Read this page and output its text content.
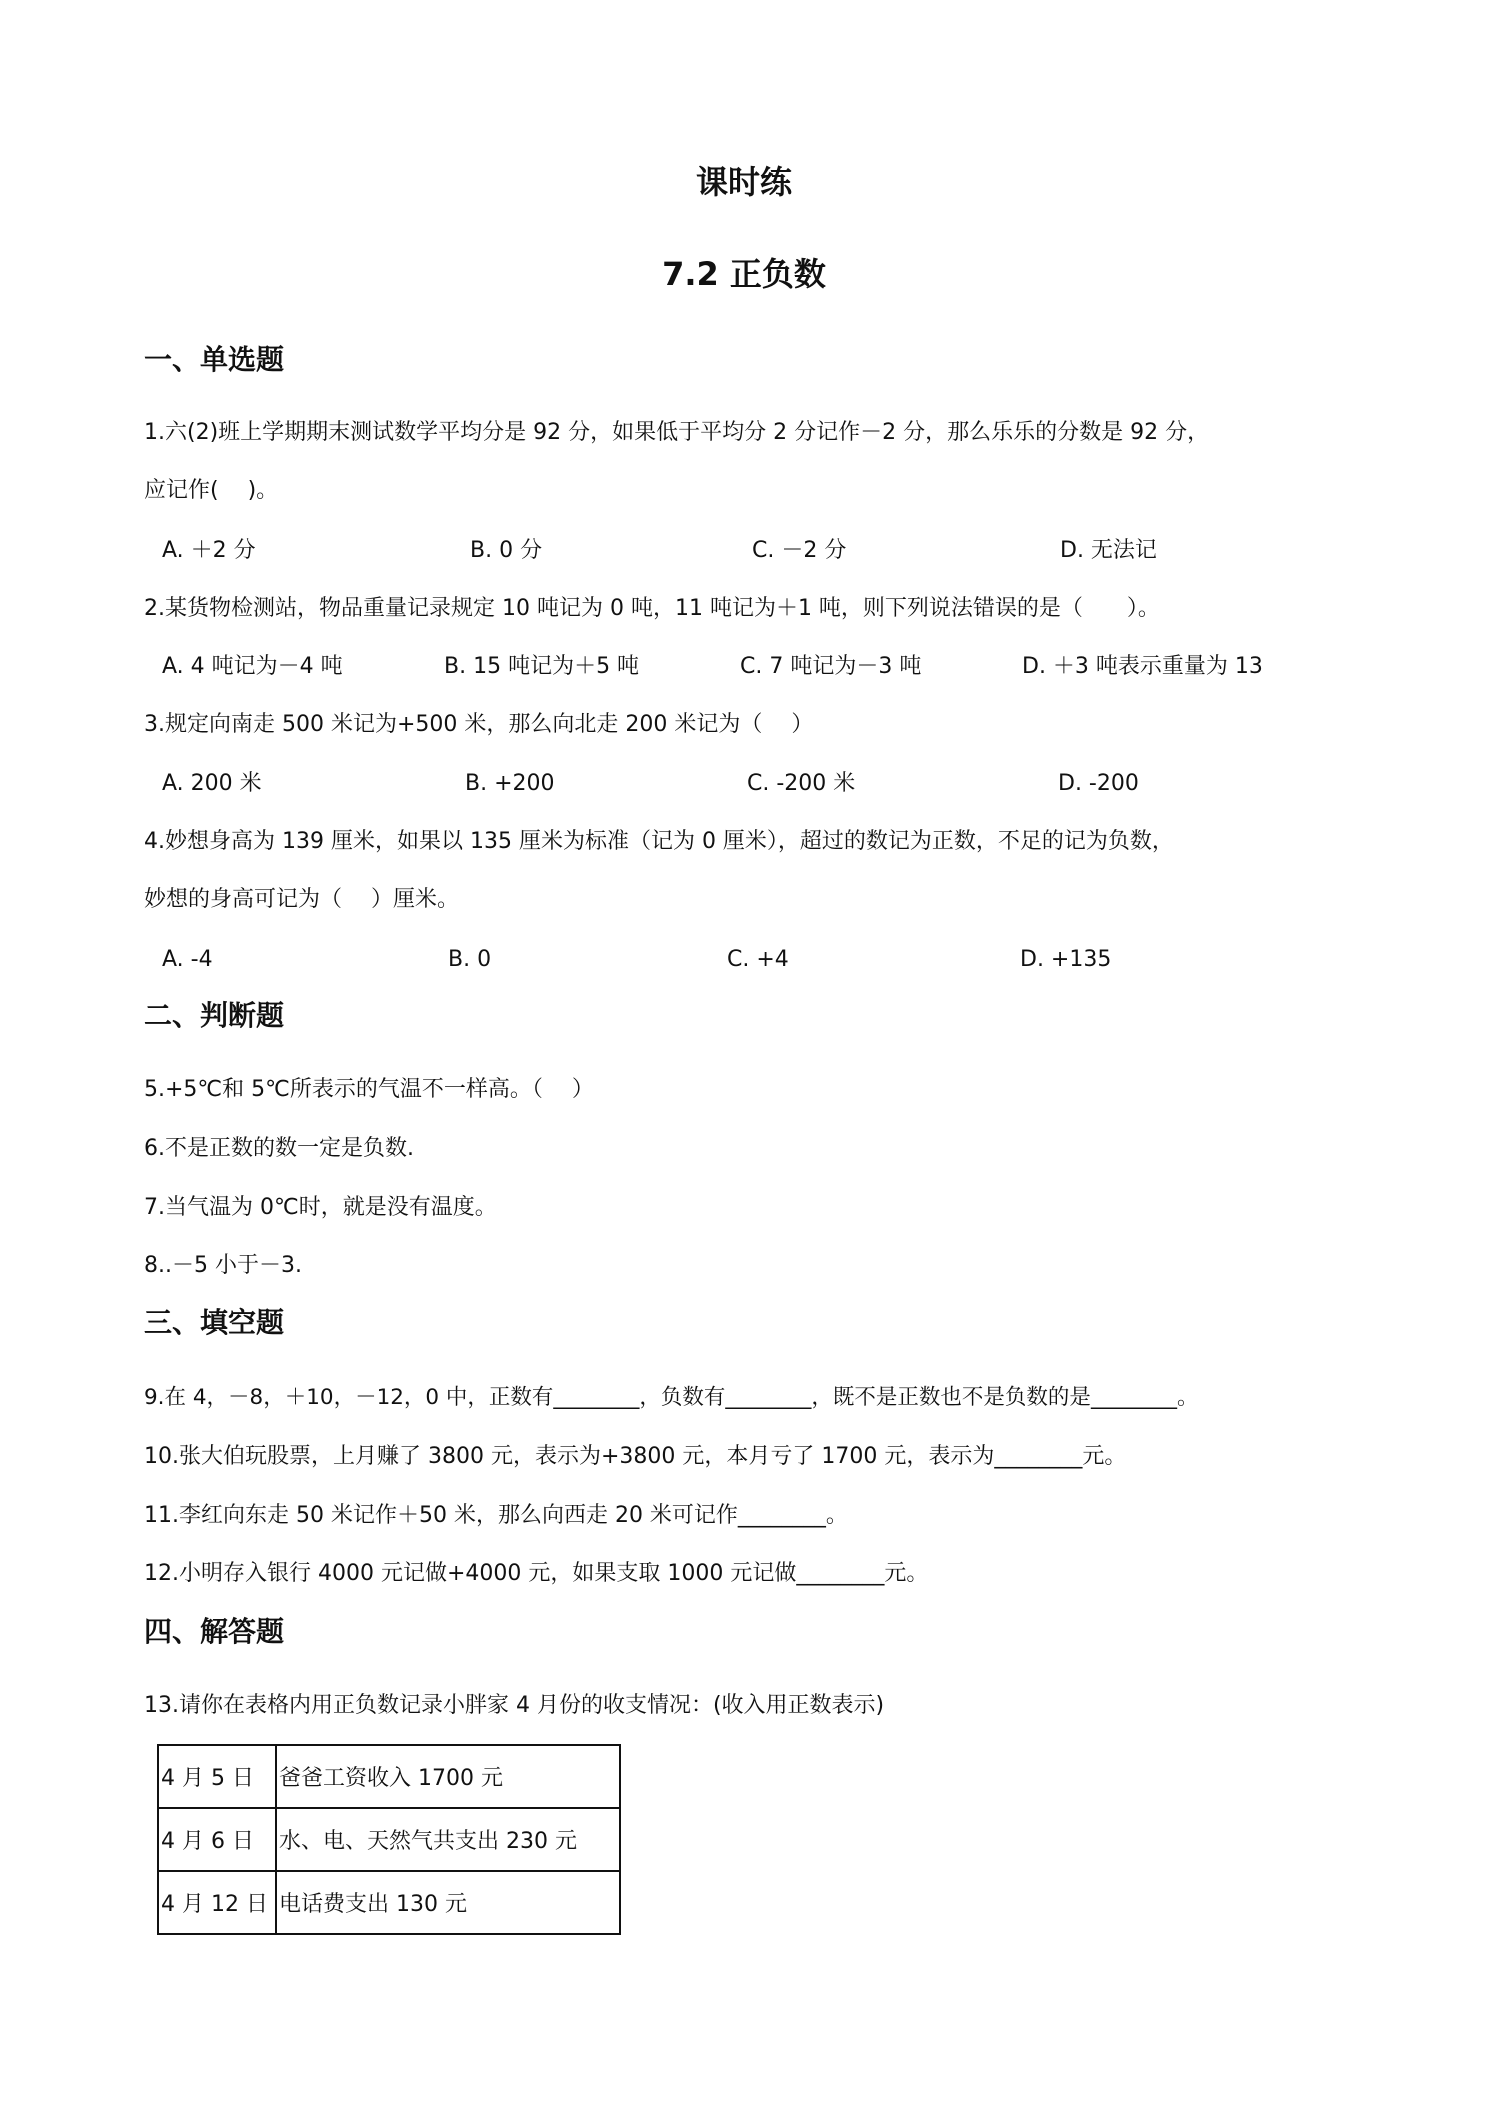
课时练
7.2 正负数
一、单选题
1.六(2)班上学期期末测试数学平均分是 92 分，如果低于平均分 2 分记作－2 分，那么乐乐的分数是 92 分，
应记作(　 )。
A. ＋2 分	B. 0 分	C. －2 分	D. 无法记
2.某货物检测站，物品重量记录规定 10 吨记为 0 吨，11 吨记为＋1 吨，则下列说法错误的是（　　）。
A. 4 吨记为－4 吨	B. 15 吨记为＋5 吨	C. 7 吨记为－3 吨	D. ＋3 吨表示重量为 13
3.规定向南走 500 米记为+500 米，那么向北走 200 米记为（　 ）
A. 200 米	B. +200	C. -200 米	D. -200
4.妙想身高为 139 厘米，如果以 135 厘米为标准（记为 0 厘米），超过的数记为正数，不足的记为负数，
妙想的身高可记为（　 ）厘米。
A. -4	B. 0	C. +4	D. +135
二、判断题
5.+5℃和 5℃所表示的气温不一样高。（　 ）
6.不是正数的数一定是负数.
7.当气温为 0℃时，就是没有温度。
8..－5 小于－3.
三、填空题
9.在 4，－8，＋10，－12，0 中，正数有________，负数有________，既不是正数也不是负数的是________。
10.张大伯玩股票，上月赚了 3800 元，表示为+3800 元，本月亏了 1700 元，表示为________元。
11.李红向东走 50 米记作＋50 米，那么向西走 20 米可记作________。
12.小明存入银行 4000 元记做+4000 元，如果支取 1000 元记做________元。
四、解答题
13.请你在表格内用正负数记录小胖家 4 月份的收支情况：(收入用正数表示)
4 月 5 日	爸爸工资收入 1700 元
4 月 6 日	水、电、天然气共支出 230 元
4 月 12 日	电话费支出 130 元
